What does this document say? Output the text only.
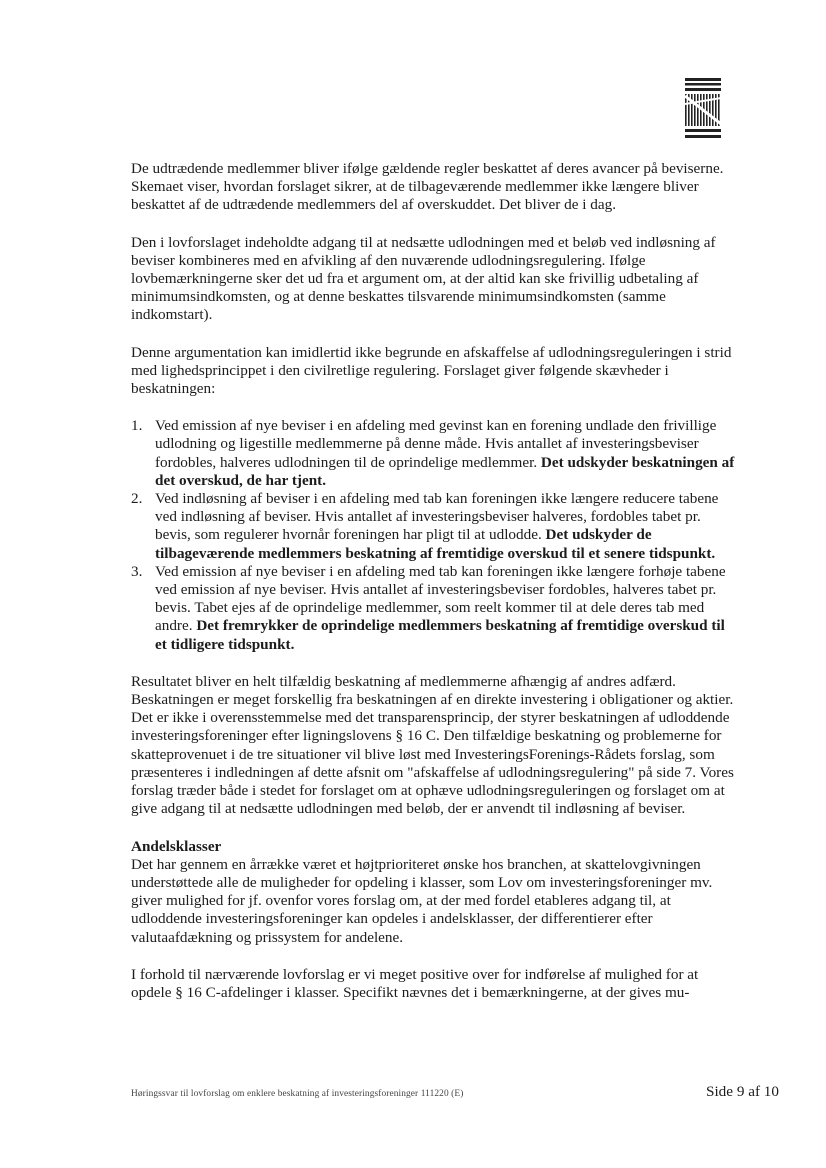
De udtrædende medlemmer bliver ifølge gældende regler beskattet af deres avancer på beviserne. Skemaet viser, hvordan forslaget sikrer, at de tilbageværende medlemmer ikke længere bliver beskattet af de udtrædende medlemmers del af overskuddet. Det bliver de i dag.

Den i lovforslaget indeholdte adgang til at nedsætte udlodningen med et beløb ved indløsning af beviser kombineres med en afvikling af den nuværende udlodningsregulering. Ifølge lovbemærkningerne sker det ud fra et argument om, at der altid kan ske frivillig udbetaling af minimumsindkomsten, og at denne beskattes tilsvarende minimumsindkomsten (samme indkomstart).

Denne argumentation kan imidlertid ikke begrunde en afskaffelse af udlodningsreguleringen i strid med lighedsprincippet i den civilretlige regulering. Forslaget giver følgende skævheder i beskatningen:

1. Ved emission af nye beviser i en afdeling med gevinst kan en forening undlade den frivillige udlodning og ligestille medlemmerne på denne måde. Hvis antallet af investeringsbeviser fordobles, halveres udlodningen til de oprindelige medlemmer. Det udskyder beskatningen af det overskud, de har tjent.
2. Ved indløsning af beviser i en afdeling med tab kan foreningen ikke længere reducere tabene ved indløsning af beviser. Hvis antallet af investeringsbeviser halveres, fordobles tabet pr. bevis, som regulerer hvornår foreningen har pligt til at udlodde. Det udskyder de tilbageværende medlemmers beskatning af fremtidige overskud til et senere tidspunkt.
3. Ved emission af nye beviser i en afdeling med tab kan foreningen ikke længere forhøje tabene ved emission af nye beviser. Hvis antallet af investeringsbeviser fordobles, halveres tabet pr. bevis. Tabet ejes af de oprindelige medlemmer, som reelt kommer til at dele deres tab med andre. Det fremrykker de oprindelige medlemmers beskatning af fremtidige overskud til et tidligere tidspunkt.

Resultatet bliver en helt tilfældig beskatning af medlemmerne afhængig af andres adfærd. Beskatningen er meget forskellig fra beskatningen af en direkte investering i obligationer og aktier. Det er ikke i overensstemmelse med det transparensprincip, der styrer beskatningen af udloddende investeringsforeninger efter ligningslovens § 16 C. Den tilfældige beskatning og problemerne for skatteprovenuet i de tre situationer vil blive løst med InvesteringsForenings-Rådets forslag, som præsenteres i indledningen af dette afsnit om "afskaffelse af udlodningsregulering" på side 7. Vores forslag træder både i stedet for forslaget om at ophæve udlodningsreguleringen og forslaget om at give adgang til at nedsætte udlodningen med beløb, der er anvendt til indløsning af beviser.

Andelsklasser

Det har gennem en årrække været et højtprioriteret ønske hos branchen, at skattelovgivningen understøttede alle de muligheder for opdeling i klasser, som Lov om investeringsforeninger mv. giver mulighed for jf. ovenfor vores forslag om, at der med fordel etableres adgang til, at udloddende investeringsforeninger kan opdeles i andelsklasser, der differentierer efter valutaafdækning og prissystem for andelene.

I forhold til nærværende lovforslag er vi meget positive over for indførelse af mulighed for at opdele § 16 C-afdelinger i klasser. Specifikt nævnes det i bemærkningerne, at der gives mu-

Høringssvar til lovforslag om enklere beskatning af investeringsforeninger 111220 (E)	Side 9 af 10
